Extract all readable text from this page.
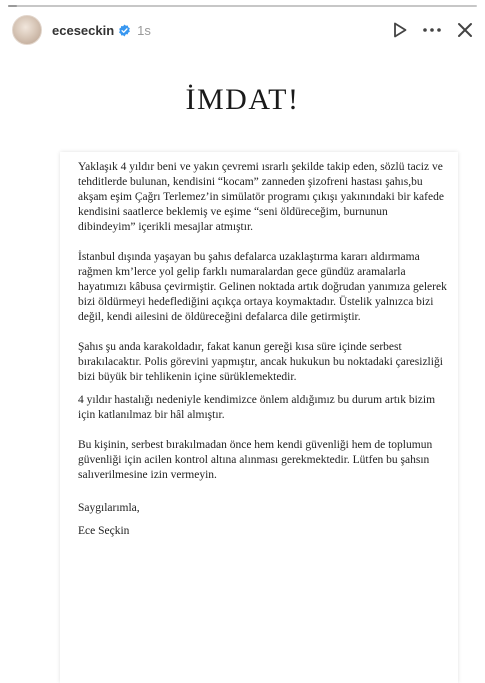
eceseckin 1s
İMDAT!

Yaklaşık 4 yıldır beni ve yakın çevremi ısrarlı şekilde takip eden, sözlü taciz ve tehditlerde bulunan, kendisini “kocam” zanneden şizofreni hastası şahıs,bu akşam eşim Çağrı Terlemez’in simülatör programı çıkışı yakınındaki bir kafede kendisini saatlerce beklemiş ve eşime “seni öldüreceğim, burnunun dibindeyim” içerikli mesajlar atmıştır.

İstanbul dışında yaşayan bu şahıs defalarca uzaklaştırma kararı aldırmama rağmen km’lerce yol gelip farklı numaralardan gece gündüz aramalarla hayatımızı kâbusa çevirmiştir. Gelinen noktada artık doğrudan yanımıza gelerek bizi öldürmeyi hedeflediğini açıkça ortaya koymaktadır. Üstelik yalnızca bizi değil, kendi ailesini de öldüreceğini defalarca dile getirmiştir.

Şahıs şu anda karakoldadır, fakat kanun gereği kısa süre içinde serbest bırakılacaktır. Polis görevini yapmıştır, ancak hukukun bu noktadaki çaresizliği bizi büyük bir tehlikenin içine sürüklemektedir.

4 yıldır hastalığı nedeniyle kendimizce önlem aldığımız bu durum artık bizim için katlanılmaz bir hâl almıştır.

Bu kişinin, serbest bırakılmadan önce hem kendi güvenliği hem de toplumun güvenliği için acilen kontrol altına alınması gerekmektedir. Lütfen bu şahsın salıverilmesine izin vermeyin.

Saygılarımla,

Ece Seçkin
